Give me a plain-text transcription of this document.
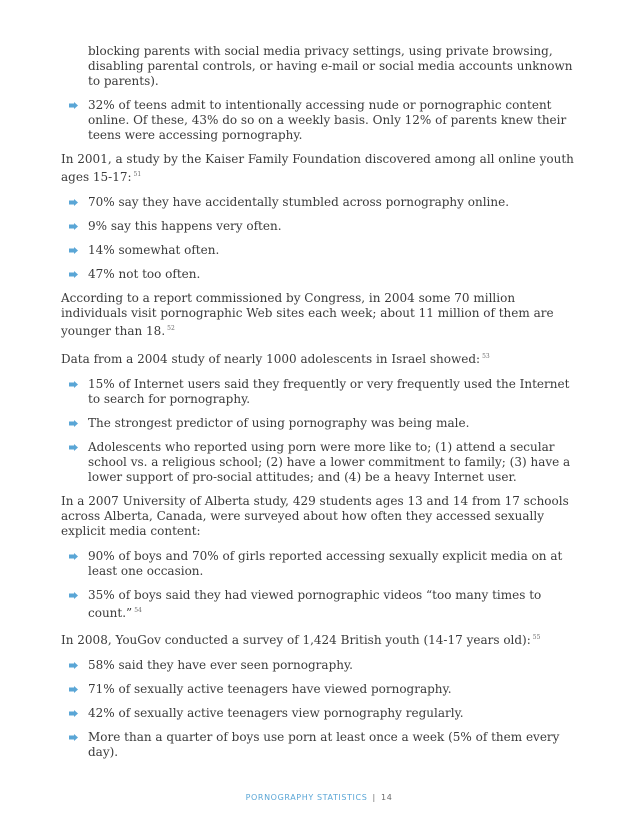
blocking parents with social media privacy settings, using private browsing, disabling parental controls, or having e-mail or social media accounts unknown to parents).
32% of teens admit to intentionally accessing nude or pornographic content online. Of these, 43% do so on a weekly basis. Only 12% of parents knew their teens were accessing pornography.

In 2001, a study by the Kaiser Family Foundation discovered among all online youth ages 15-17: $^{51}$

70% say they have accidentally stumbled across pornography online.
9% say this happens very often.
14% somewhat often.
47% not too often.

According to a report commissioned by Congress, in 2004 some 70 million individuals visit pornographic Web sites each week; about 11 million of them are younger than 18. $^{52}$

Data from a 2004 study of nearly 1000 adolescents in Israel showed: $^{53}$

15% of Internet users said they frequently or very frequently used the Internet to search for pornography.
The strongest predictor of using pornography was being male.
Adolescents who reported using porn were more like to; (1) attend a secular school vs. a religious school; (2) have a lower commitment to family; (3) have a lower support of pro-social attitudes; and (4) be a heavy Internet user.

In a 2007 University of Alberta study, 429 students ages 13 and 14 from 17 schools across Alberta, Canada, were surveyed about how often they accessed sexually explicit media content:

90% of boys and 70% of girls reported accessing sexually explicit media on at least one occasion.
35% of boys said they had viewed pornographic videos “too many times to count.” $^{54}$

In 2008, YouGov conducted a survey of 1,424 British youth (14-17 years old): $^{55}$

58% said they have ever seen pornography.
71% of sexually active teenagers have viewed pornography.
42% of sexually active teenagers view pornography regularly.
More than a quarter of boys use porn at least once a week (5% of them every day).
PORNOGRAPHY STATISTICS | 14
